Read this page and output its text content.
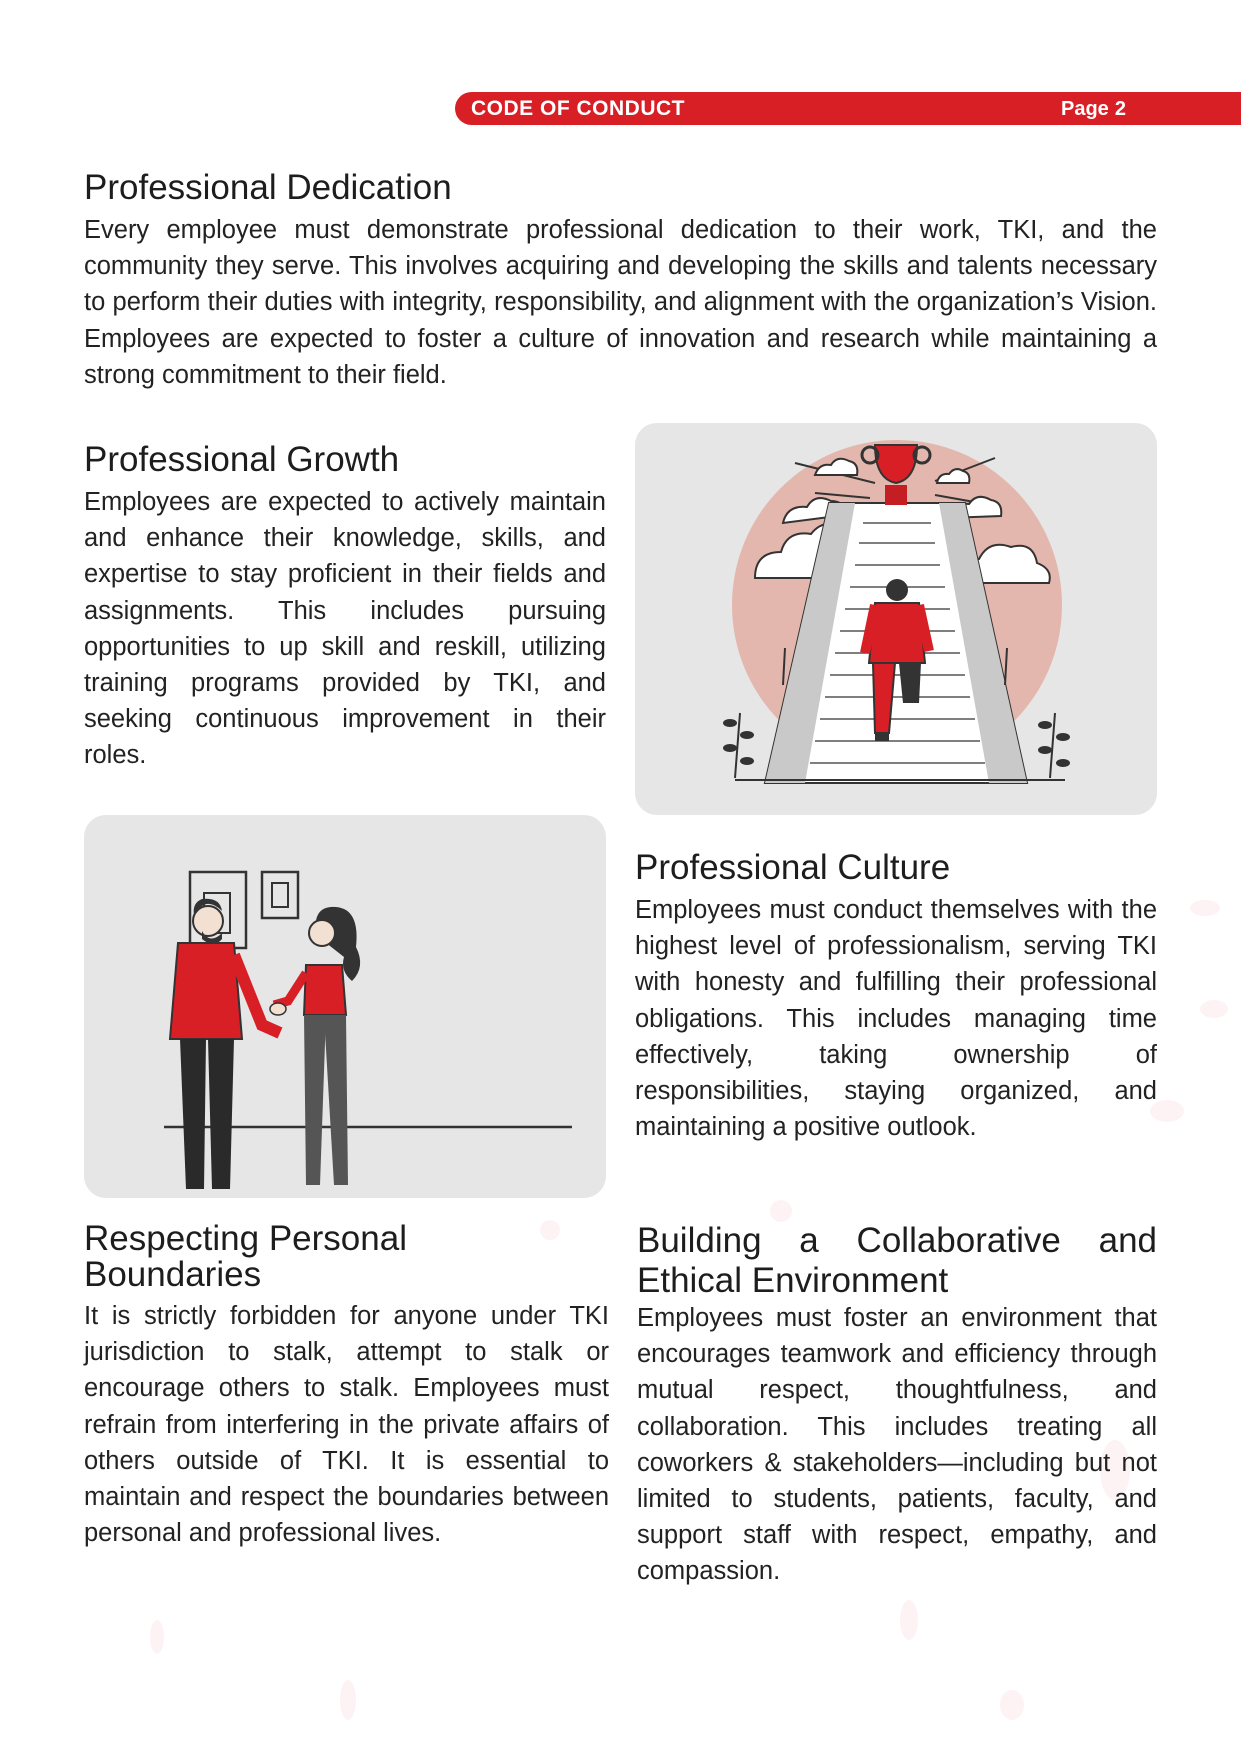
CODE OF CONDUCT	Page 2
Professional Dedication

Every employee must demonstrate professional dedication to their work, TKI, and the community they serve. This involves acquiring and developing the skills and talents necessary to perform their duties with integrity, responsibility, and alignment with the organization’s Vision. Employees are expected to foster a culture of innovation and research while maintaining a strong commitment to their field.

Professional Growth

Employees are expected to actively maintain and enhance their knowledge, skills, and expertise to stay proficient in their fields and assignments. This includes pursuing opportunities to up skill and reskill, utilizing training programs provided by TKI, and seeking continuous improvement in their roles.

Professional Culture

Employees must conduct themselves with the highest level of professionalism, serving TKI with honesty and fulfilling their professional obligations. This includes managing time effectively, taking ownership of responsibilities, staying organized, and maintaining a positive outlook.

Respecting Personal Boundaries

It is strictly forbidden for anyone under TKI jurisdiction to stalk, attempt to stalk or encourage others to stalk. Employees must refrain from interfering in the private affairs of others outside of TKI. It is essential to maintain and respect the boundaries between personal and professional lives.

Building a Collaborative and Ethical Environment

Employees must foster an environment that encourages teamwork and efficiency through mutual respect, thoughtfulness, and collaboration. This includes treating all coworkers & stakeholders—including but not limited to students, patients, faculty, and support staff with respect, empathy, and compassion.
